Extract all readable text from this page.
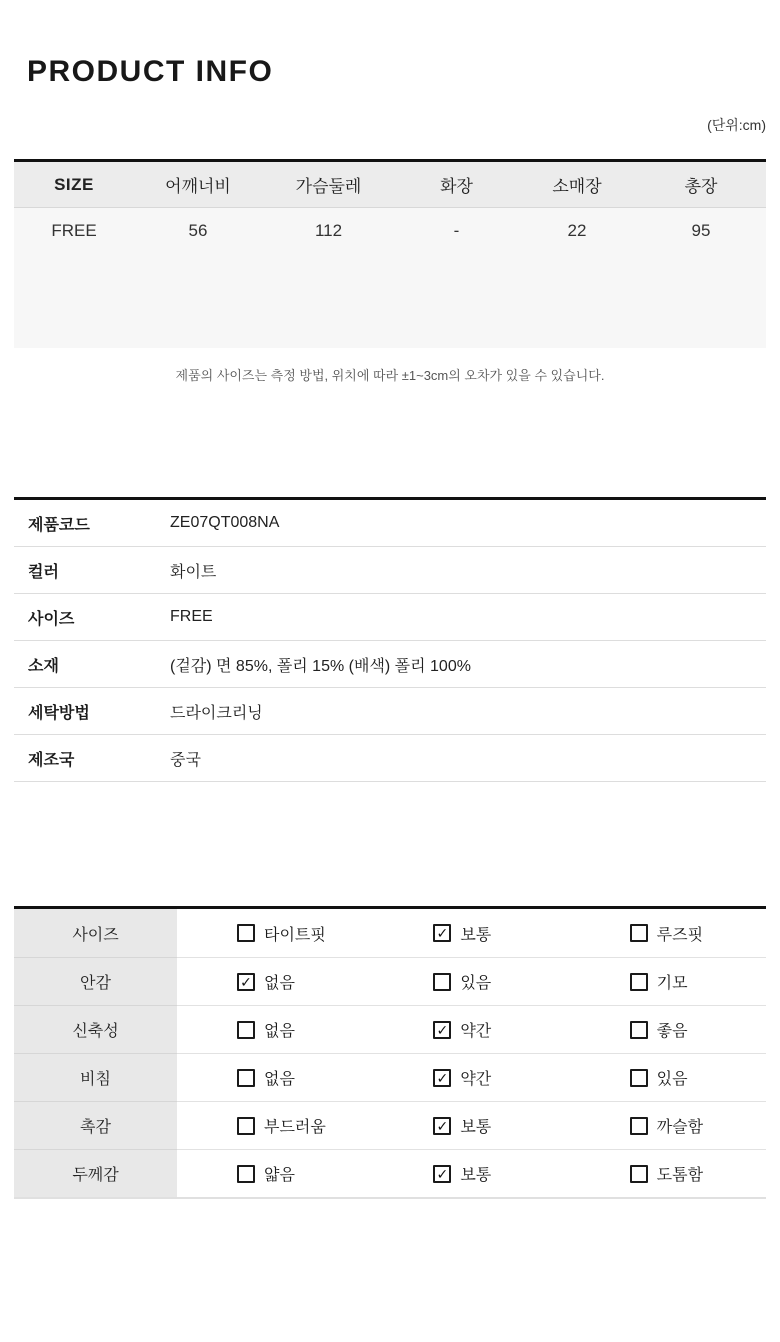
PRODUCT INFO
(단위:cm)
SIZE	어깨너비	가슴둘레	화장	소매장	총장
FREE	56	112	-	22	95
제품의 사이즈는 측정 방법, 위치에 따라 ±1~3cm의 오차가 있을 수 있습니다.
제품코드	ZE07QT008NA
컬러	화이트
사이즈	FREE
소재	(겉감) 면 85%, 폴리 15% (배색) 폴리 100%
세탁방법	드라이크리닝
제조국	중국
사이즈	타이트핏 ✓	보통	루즈핏
안감 ✓	없음	있음	기모
신축성	없음 ✓	약간	좋음
비침	없음 ✓	약간	있음
촉감	부드러움 ✓	보통	까슬함
두께감	얇음 ✓	보통	도톰함
